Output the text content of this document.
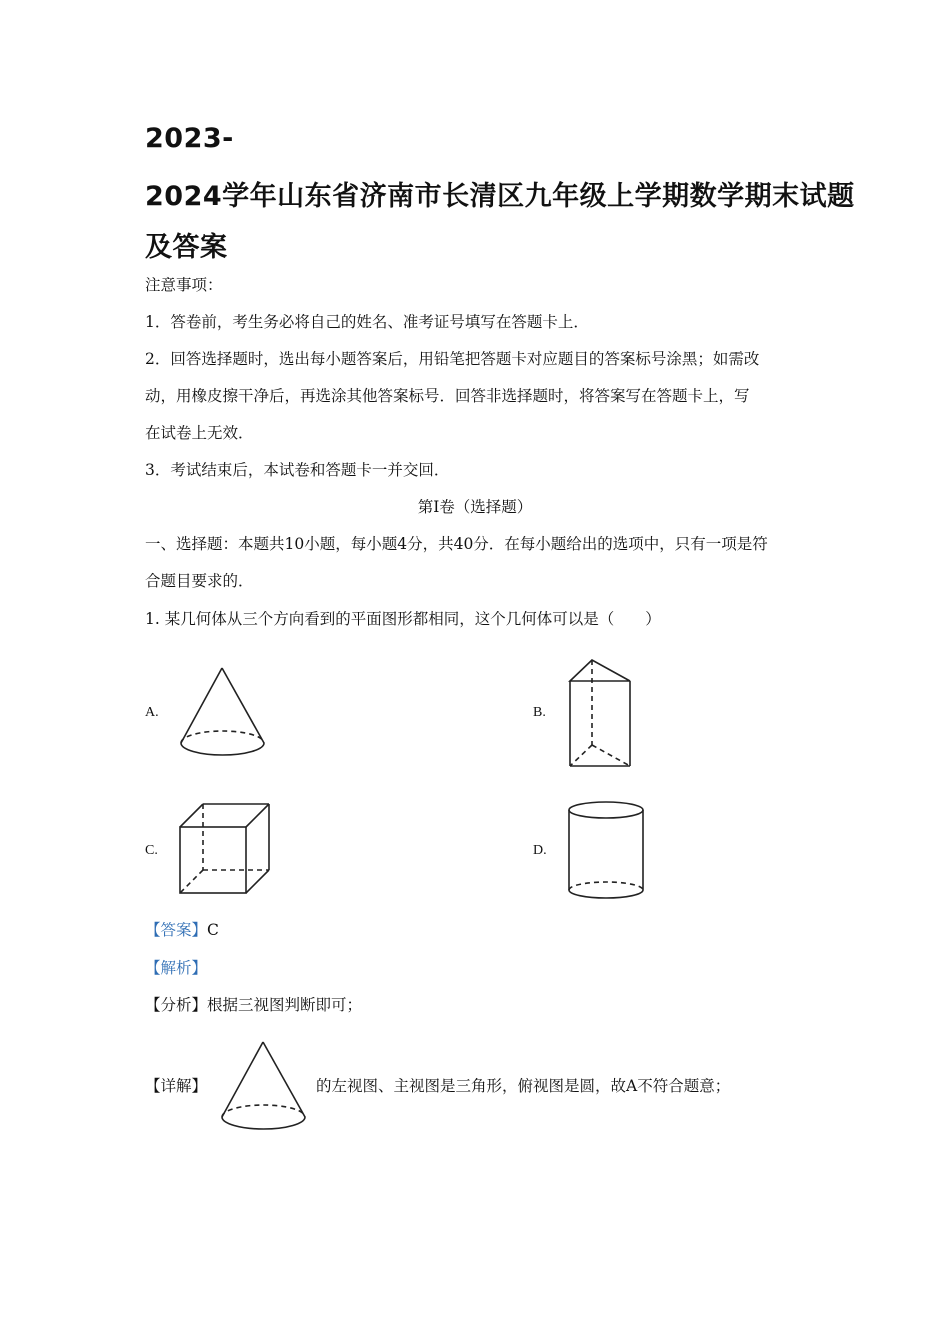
2023-
2024学年山东省济南市长清区九年级上学期数学期末试题
及答案
注意事项：
1．答卷前，考生务必将自己的姓名、准考证号填写在答题卡上．
2．回答选择题时，选出每小题答案后，用铅笔把答题卡对应题目的答案标号涂黑；如需改
动，用橡皮擦干净后，再选涂其他答案标号．回答非选择题时，将答案写在答题卡上，写
在试卷上无效．
3．考试结束后，本试卷和答题卡一并交回．
第I卷（选择题）
一、选择题：本题共10小题，每小题4分，共40分．在每小题给出的选项中，只有一项是符
合题目要求的．
1. 某几何体从三个方向看到的平面图形都相同，这个几何体可以是（　　）
A.	B.
C.	D.
【答案】C
【解析】
【分析】根据三视图判断即可；
【详解】	的左视图、主视图是三角形，俯视图是圆，故A不符合题意；
